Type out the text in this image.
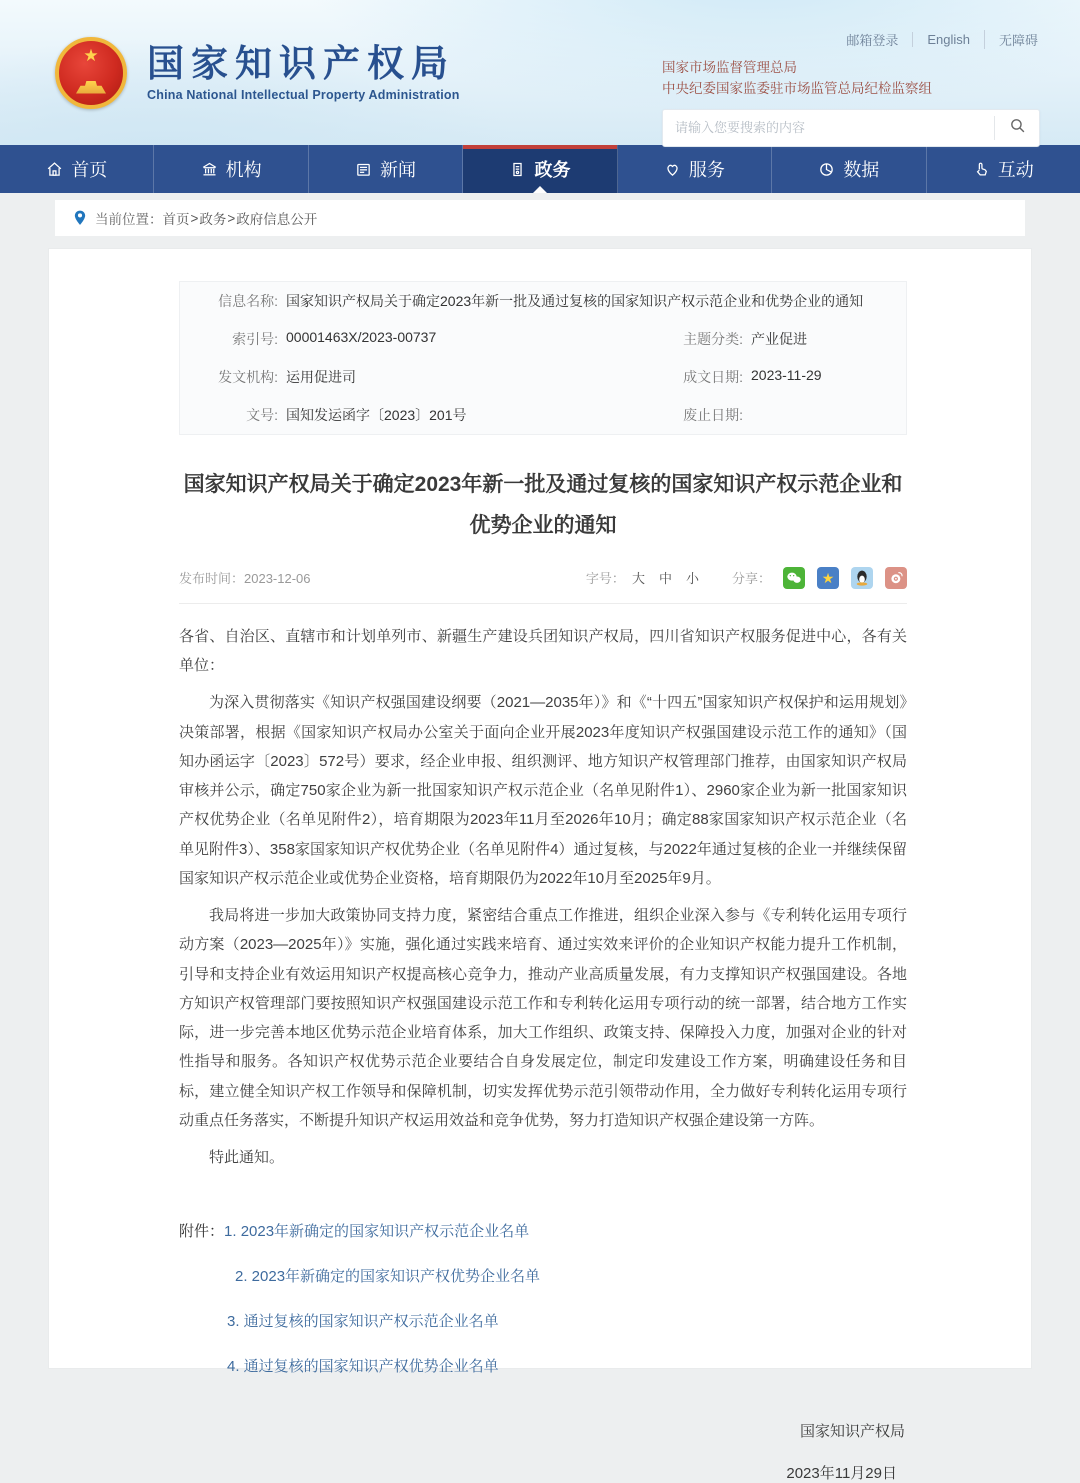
★ 国家知识产权局
China National Intellectual Property Administration
邮箱登录	English	无障碍
国家市场监督管理总局
中央纪委国家监委驻市场监管总局纪检监察组
请输入您要搜索的内容
首页	机构	新闻	政务	服务	数据	互动
当前位置： 首页 > 政务 > 政府信息公开
信息名称: 国家知识产权局关于确定2023年新一批及通过复核的国家知识产权示范企业和优势企业的通知
索引号: 00001463X/2023-00737	主题分类: 产业促进
发文机构: 运用促进司	成文日期: 2023-11-29
文号: 国知发运函字〔2023〕201号	废止日期:
国家知识产权局关于确定2023年新一批及通过复核的国家知识产权示范企业和优势企业的通知
发布时间：2023-12-06	字号： 大 中 小	分享：	★

各省、自治区、直辖市和计划单列市、新疆生产建设兵团知识产权局，四川省知识产权服务促进中心，各有关单位：

为深入贯彻落实《知识产权强国建设纲要（2021—2035年）》和《“十四五”国家知识产权保护和运用规划》决策部署，根据《国家知识产权局办公室关于面向企业开展2023年度知识产权强国建设示范工作的通知》（国知办函运字〔2023〕572号）要求，经企业申报、组织测评、地方知识产权管理部门推荐，由国家知识产权局审核并公示，确定750家企业为新一批国家知识产权示范企业（名单见附件1）、2960家企业为新一批国家知识产权优势企业（名单见附件2），培育期限为2023年11月至2026年10月；确定88家国家知识产权示范企业（名单见附件3）、358家国家知识产权优势企业（名单见附件4）通过复核，与2022年通过复核的企业一并继续保留国家知识产权示范企业或优势企业资格，培育期限仍为2022年10月至2025年9月。

我局将进一步加大政策协同支持力度，紧密结合重点工作推进，组织企业深入参与《专利转化运用专项行动方案（2023—2025年）》实施，强化通过实践来培育、通过实效来评价的企业知识产权能力提升工作机制，引导和支持企业有效运用知识产权提高核心竞争力，推动产业高质量发展，有力支撑知识产权强国建设。各地方知识产权管理部门要按照知识产权强国建设示范工作和专利转化运用专项行动的统一部署，结合地方工作实际，进一步完善本地区优势示范企业培育体系，加大工作组织、政策支持、保障投入力度，加强对企业的针对性指导和服务。各知识产权优势示范企业要结合自身发展定位，制定印发建设工作方案，明确建设任务和目标，建立健全知识产权工作领导和保障机制，切实发挥优势示范引领带动作用，全力做好专利转化运用专项行动重点任务落实，不断提升知识产权运用效益和竞争优势，努力打造知识产权强企建设第一方阵。

特此通知。

附件： 1. 2023年新确定的国家知识产权示范企业名单
2. 2023年新确定的国家知识产权优势企业名单
3. 通过复核的国家知识产权示范企业名单
4. 通过复核的国家知识产权优势企业名单
国家知识产权局
2023年11月29日
